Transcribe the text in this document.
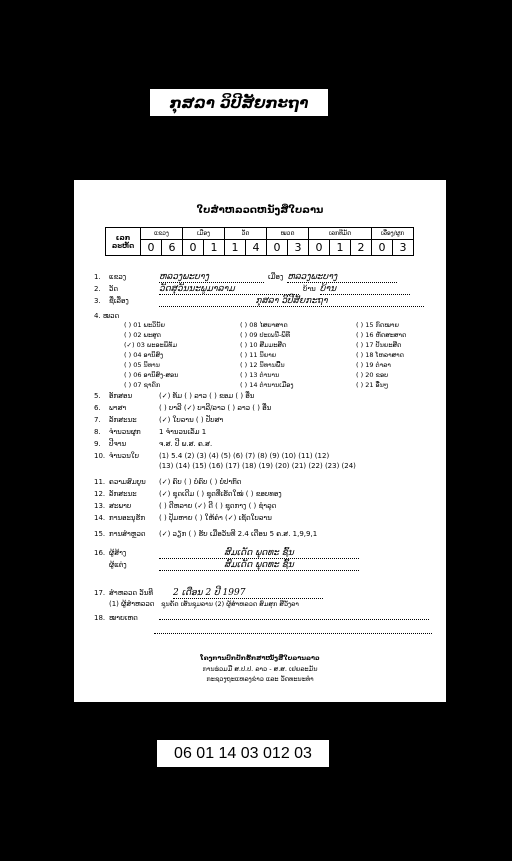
ກຸສລາ ວິປີສັຍກະຖາ
ໃບສຳຫລວດຫນັງສືໃບລານ
ເລກລະຫັດ	ແຂວງ		ເມືອງ		ວັດ		ໝວດ		ເລກທີມັດ			ເລື່ອງ/ຜູກ	
	0	6	0	1	1	4	0	3	0	1	2	0	3
1.	ແຂວງ	ຫລວງພະບາງ	ເມືອງ ຫລວງພະບາງ
2.	ວັດ	ວັດສຸວັນນະພູມາລາມ	ບ້ານ ບ້ານ
3.	ຊື່ເລື່ອງ	ກຸສລາ ວິປີສັຍກະຖາ
4. ໝວດ
( ) 01 ພະວິນັຍ	( ) 08 ໄສຍາສາດ	( ) 15 ກົດໝາຍ
( ) 02 ພະສູດ	( ) 09 ປະເພນີ-ພິທີ	( ) 16 ຫັດສະສາດ
(✓) 03 ພະອະພິທັມ	( ) 10 ສີມມະສີດ	( ) 17 ປັນຍະສີດ
( ) 04 ອານິສົງ	( ) 11 ນິຍາຍ	( ) 18 ໂຫລາສາດ
( ) 05 ນິທານ	( ) 12 ນິທານພື້ນ	( ) 19 ຕຳລາ
( ) 06 ອານິສົງ-ສອນ	( ) 13 ຕຳນານ	( ) 20 ຂອບ
( ) 07 ຊາດົກ	( ) 14 ຕຳນານເມືອງ	( ) 21 ອື່ນໆ
5.	ອັກສອນ	(✓) ທັມ ( ) ລາວ ( ) ຂອມ ( ) ອື່ນ
6.	ພາສາ	( ) ບາລີ (✓) ບາລີ/ລາວ ( ) ລາວ ( ) ອື່ນ
7.	ລັກສະນະ	(✓) ໃບລານ ( ) ປັບສາ
8.	ຈຳນວນຜູກ	1 ຈຳນວນເລັ່ມ 1
9.	ປີຈານ	ຈ.ສ. ປີ ພ.ສ. ຄ.ສ.
10. ຈຳນວນໃບ	(1) 5.4 (2) (3) (4) (5) (6) (7) (8) (9) (10) (11) (12)
(13) (14) (15) (16) (17) (18) (19) (20) (21) (22) (23) (24)
11. ຄວາມສົມບູນ	(✓) ຄົບ ( ) ບໍ່ຄົບ ( ) ບໍ່ປາກົດ
12. ລັກສະນະ	(✓) ຊຸດເດີມ ( ) ຊຸດທີ່ເຮັດໃໝ່ ( ) ຂອບທອງ
13. ສະພາບ	( ) ດີຫລາຍ (✓) ດີ ( ) ຊຸດກາງ ( ) ຊຳລຸດ
14. ການອະນຸຮັກ	( ) ປຸ້ມຫາຍ ( ) ໃຫ້ຄຳ (✓) ເຊັດໃບລານ
15. ການສຳຫຼວດ	(✓) ວຽກ ( ) ຮັບ ເມື່ອວັນທີ 2.4 ເດືອນ 5 ຄ.ສ. 1,9,9,1
16. ຜູ້ສ້າງ	ສົມເດັດ ພຸດທະ ຊົ້ນ
ຜູ້ແຕ່ງ	ສົມເດັດ ພຸດທະ ຊົ້ນ
17. ສຳຫລວດ ວັນທີ	2 ເດືອນ 2 ປີ 1997
(1) ຜູ້ສຳຫລວດ	ຊຸນຄັດ ເສັນຊຸມລານ (2) ຜູ້ສຳຫລວດ ສົມສຸກ ສີວັງລາ
18. ໝາຍເຫດ
ໂຄງການປົກປັກຮັກສາໜັງສືໃບລານລາວ
ການຮ່ວມມື ສ.ປ.ປ. ລາວ - ສ.ສ. ເຢຍລະມັນ
ກະຊວງຖະແຫລງຂ່າວ ແລະ ວັດທະນະທຳ
06 01 14 03 012 03
